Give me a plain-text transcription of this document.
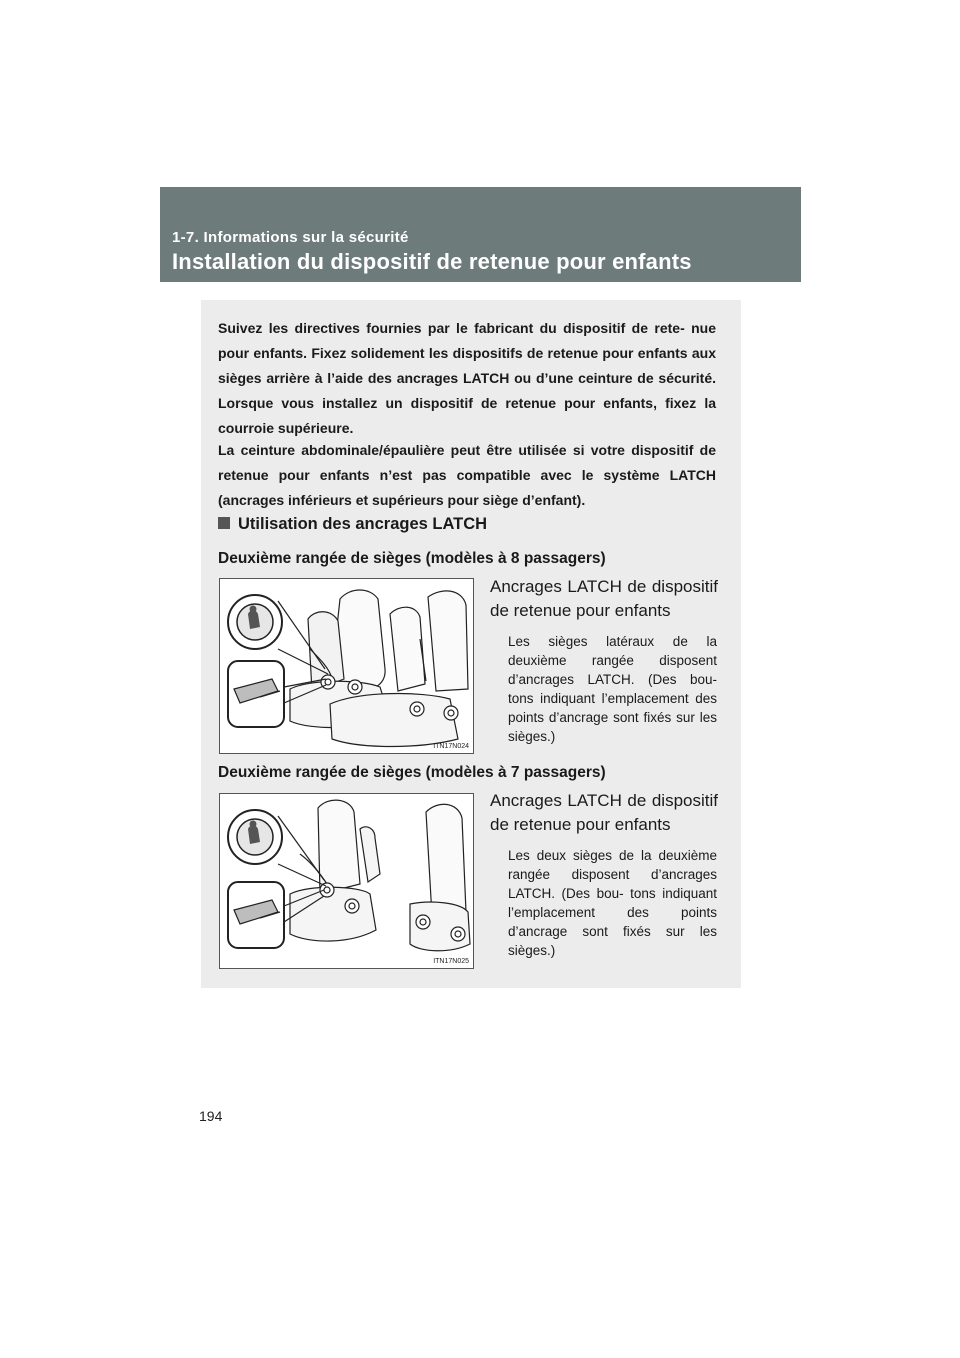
1-7. Informations sur la sécurité
Installation du dispositif de retenue pour enfants

Suivez les directives fournies par le fabricant du dispositif de rete- nue pour enfants. Fixez solidement les dispositifs de retenue pour enfants aux sièges arrière à l’aide des ancrages LATCH ou d’une ceinture de sécurité. Lorsque vous installez un dispositif de retenue pour enfants, fixez la courroie supérieure.

La ceinture abdominale/épaulière peut être utilisée si votre dispositif de retenue pour enfants n’est pas compatible avec le système LATCH (ancrages inférieurs et supérieurs pour siège d’enfant).

Utilisation des ancrages LATCH
Deuxième rangée de sièges (modèles à 8 passagers)
ITN17N024

Ancrages LATCH de dispositif de retenue pour enfants

Les sièges latéraux de la deuxième rangée disposent d’ancrages LATCH. (Des bou- tons indiquant l’emplacement des points d’ancrage sont fixés sur les sièges.)

Deuxième rangée de sièges (modèles à 7 passagers)
ITN17N025

Ancrages LATCH de dispositif de retenue pour enfants

Les deux sièges de la deuxième rangée disposent d’ancrages LATCH. (Des bou- tons indiquant l’emplacement des points d’ancrage sont fixés sur les sièges.)

194
